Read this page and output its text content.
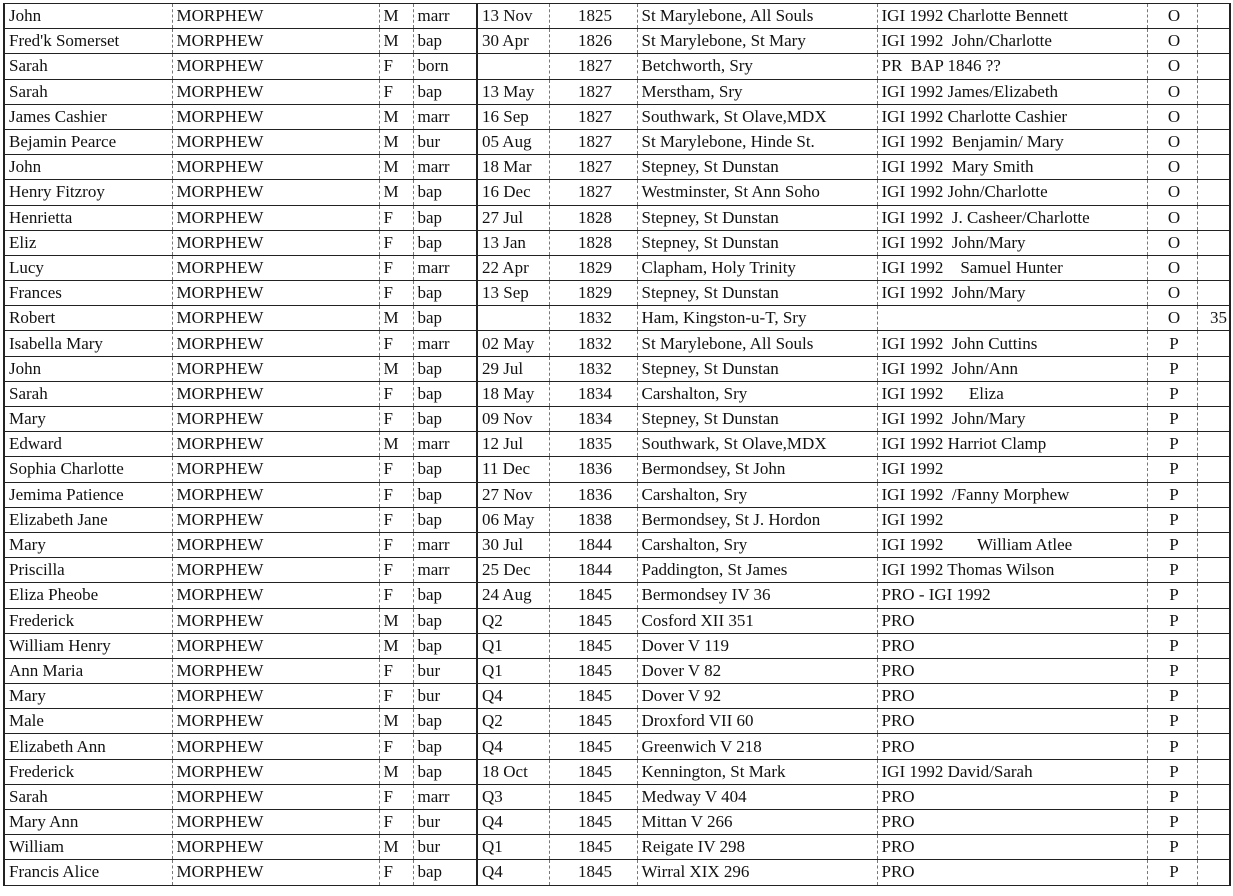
John	MORPHEW	M	marr	13 Nov	1825	St Marylebone, All Souls	IGI 1992 Charlotte Bennett	O	
Fred'k Somerset	MORPHEW	M	bap	30 Apr	1826	St Marylebone, St Mary	IGI 1992  John/Charlotte	O	
Sarah	MORPHEW	F	born		1827	Betchworth, Sry	PR  BAP 1846 ??	O	
Sarah	MORPHEW	F	bap	13 May	1827	Merstham, Sry	IGI 1992 James/Elizabeth	O	
James Cashier	MORPHEW	M	marr	16 Sep	1827	Southwark, St Olave,MDX	IGI 1992 Charlotte Cashier	O	
Bejamin Pearce	MORPHEW	M	bur	05 Aug	1827	St Marylebone, Hinde St.	IGI 1992  Benjamin/ Mary	O	
John	MORPHEW	M	marr	18 Mar	1827	Stepney, St Dunstan	IGI 1992  Mary Smith	O	
Henry Fitzroy	MORPHEW	M	bap	16 Dec	1827	Westminster, St Ann Soho	IGI 1992 John/Charlotte	O	
Henrietta	MORPHEW	F	bap	27 Jul	1828	Stepney, St Dunstan	IGI 1992  J. Casheer/Charlotte	O	
Eliz	MORPHEW	F	bap	13 Jan	1828	Stepney, St Dunstan	IGI 1992  John/Mary	O	
Lucy	MORPHEW	F	marr	22 Apr	1829	Clapham, Holy Trinity	IGI 1992    Samuel Hunter	O	
Frances	MORPHEW	F	bap	13 Sep	1829	Stepney, St Dunstan	IGI 1992  John/Mary	O	
Robert	MORPHEW	M	bap		1832	Ham, Kingston-u-T, Sry		O	35
Isabella Mary	MORPHEW	F	marr	02 May	1832	St Marylebone, All Souls	IGI 1992  John Cuttins	P	
John	MORPHEW	M	bap	29 Jul	1832	Stepney, St Dunstan	IGI 1992  John/Ann	P	
Sarah	MORPHEW	F	bap	18 May	1834	Carshalton, Sry	IGI 1992      Eliza	P	
Mary	MORPHEW	F	bap	09 Nov	1834	Stepney, St Dunstan	IGI 1992  John/Mary	P	
Edward	MORPHEW	M	marr	12 Jul	1835	Southwark, St Olave,MDX	IGI 1992 Harriot Clamp	P	
Sophia Charlotte	MORPHEW	F	bap	11 Dec	1836	Bermondsey, St John	IGI 1992	P	
Jemima Patience	MORPHEW	F	bap	27 Nov	1836	Carshalton, Sry	IGI 1992  /Fanny Morphew	P	
Elizabeth Jane	MORPHEW	F	bap	06 May	1838	Bermondsey, St J. Hordon	IGI 1992	P	
Mary	MORPHEW	F	marr	30 Jul	1844	Carshalton, Sry	IGI 1992        William Atlee	P	
Priscilla	MORPHEW	F	marr	25 Dec	1844	Paddington, St James	IGI 1992 Thomas Wilson	P	
Eliza Pheobe	MORPHEW	F	bap	24 Aug	1845	Bermondsey IV 36	PRO - IGI 1992	P	
Frederick	MORPHEW	M	bap	Q2	1845	Cosford XII 351	PRO	P	
William Henry	MORPHEW	M	bap	Q1	1845	Dover V 119	PRO	P	
Ann Maria	MORPHEW	F	bur	Q1	1845	Dover V 82	PRO	P	
Mary	MORPHEW	F	bur	Q4	1845	Dover V 92	PRO	P	
Male	MORPHEW	M	bap	Q2	1845	Droxford VII 60	PRO	P	
Elizabeth Ann	MORPHEW	F	bap	Q4	1845	Greenwich V 218	PRO	P	
Frederick	MORPHEW	M	bap	18 Oct	1845	Kennington, St Mark	IGI 1992 David/Sarah	P	
Sarah	MORPHEW	F	marr	Q3	1845	Medway V 404	PRO	P	
Mary Ann	MORPHEW	F	bur	Q4	1845	Mittan V 266	PRO	P	
William	MORPHEW	M	bur	Q1	1845	Reigate IV 298	PRO	P	
Francis Alice	MORPHEW	F	bap	Q4	1845	Wirral XIX 296	PRO	P	
